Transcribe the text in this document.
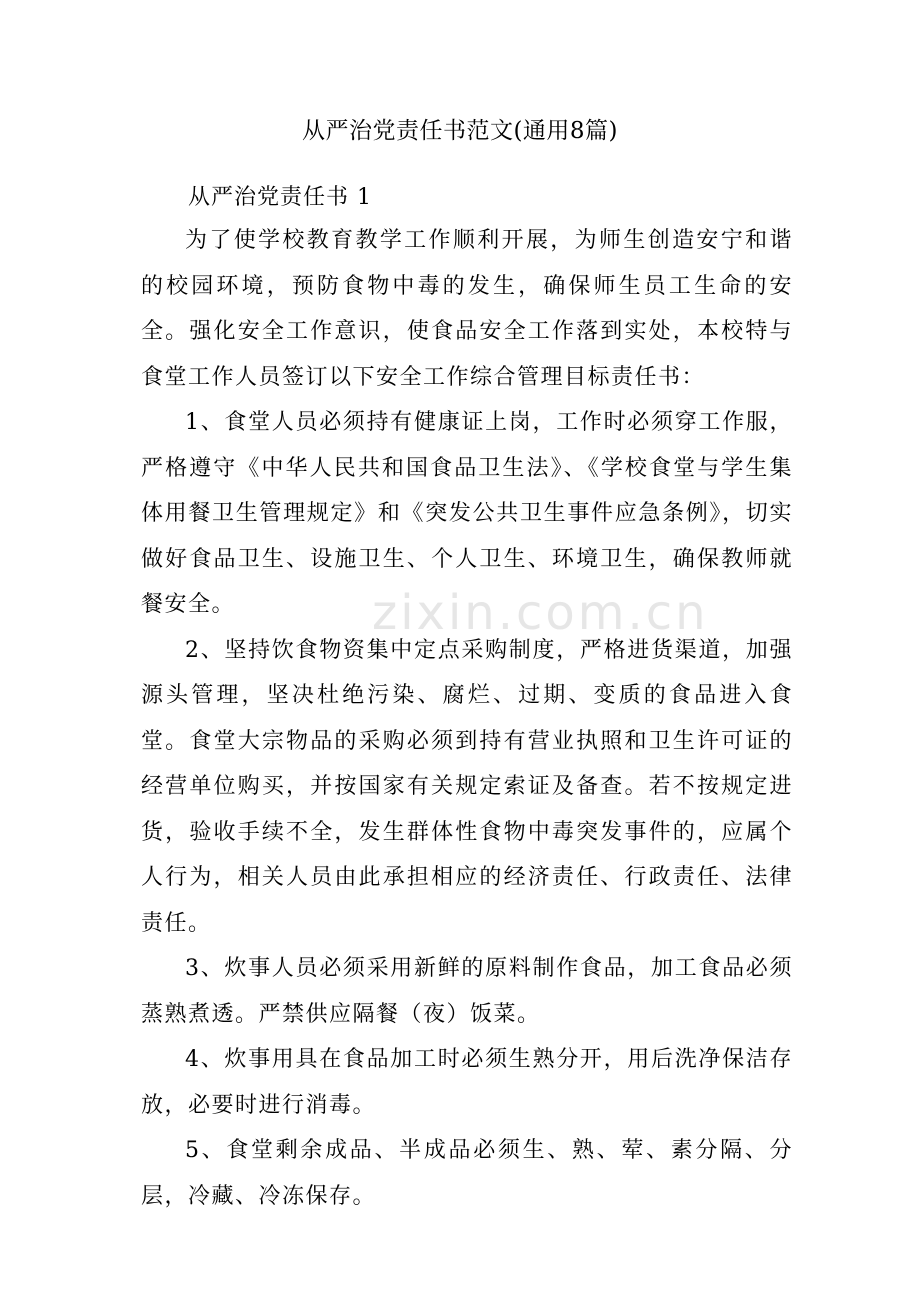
zixin.com.cn
从严治党责任书范文(通用8篇)
从严治党责任书 1

为了使学校教育教学工作顺利开展，为师生创造安宁和谐的校园环境，预防食物中毒的发生，确保师生员工生命的安全。强化安全工作意识，使食品安全工作落到实处，本校特与食堂工作人员签订以下安全工作综合管理目标责任书：

1、食堂人员必须持有健康证上岗，工作时必须穿工作服，严格遵守《中华人民共和国食品卫生法》、《学校食堂与学生集体用餐卫生管理规定》和《突发公共卫生事件应急条例》，切实做好食品卫生、设施卫生、个人卫生、环境卫生，确保教师就餐安全。

2、坚持饮食物资集中定点采购制度，严格进货渠道，加强源头管理，坚决杜绝污染、腐烂、过期、变质的食品进入食堂。食堂大宗物品的采购必须到持有营业执照和卫生许可证的经营单位购买，并按国家有关规定索证及备查。若不按规定进货，验收手续不全，发生群体性食物中毒突发事件的，应属个人行为，相关人员由此承担相应的经济责任、行政责任、法律责任。

3、炊事人员必须采用新鲜的原料制作食品，加工食品必须蒸熟煮透。严禁供应隔餐（夜）饭菜。

4、炊事用具在食品加工时必须生熟分开，用后洗净保洁存放，必要时进行消毒。

5、食堂剩余成品、半成品必须生、熟、荤、素分隔、分层，冷藏、冷冻保存。
